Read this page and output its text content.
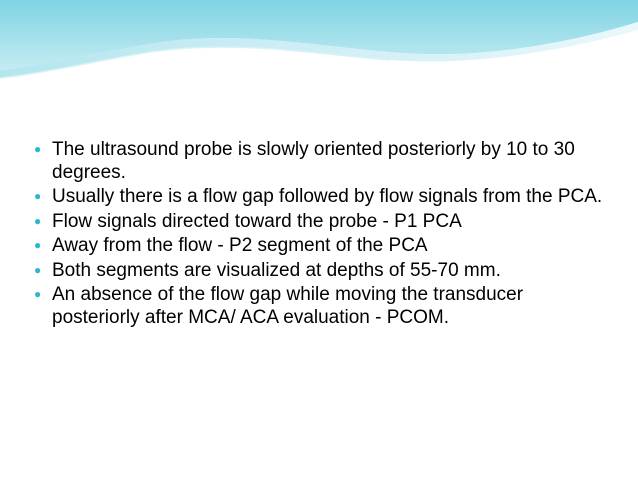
● The ultrasound probe is slowly oriented posteriorly by 10 to 30 degrees.
● Usually there is a flow gap followed by flow signals from the PCA.
● Flow signals directed toward the probe - P1 PCA
● Away from the flow - P2 segment of the PCA
● Both segments are visualized at depths of 55-70 mm.
● An absence of the flow gap while moving the transducer posteriorly after MCA/ ACA evaluation - PCOM.
